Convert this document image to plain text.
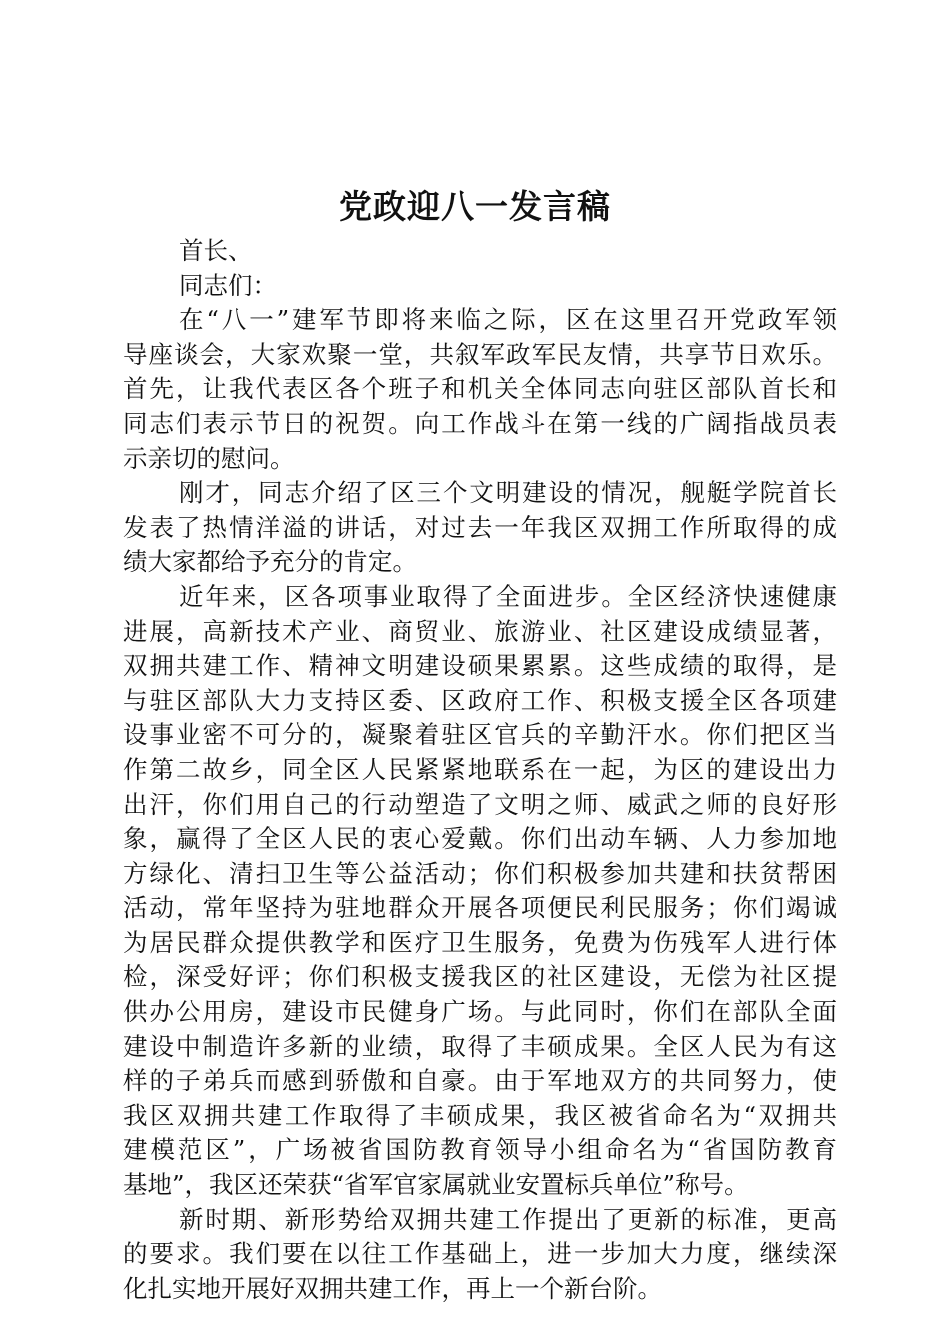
党政迎八一发言稿
首长、
同志们：
在“八一”建军节即将来临之际，区在这里召开党政军领
导座谈会，大家欢聚一堂，共叙军政军民友情，共享节日欢乐。
首先，让我代表区各个班子和机关全体同志向驻区部队首长和
同志们表示节日的祝贺。向工作战斗在第一线的广阔指战员表
示亲切的慰问。
刚才，同志介绍了区三个文明建设的情况，舰艇学院首长
发表了热情洋溢的讲话，对过去一年我区双拥工作所取得的成
绩大家都给予充分的肯定。
近年来，区各项事业取得了全面进步。全区经济快速健康
进展，高新技术产业、商贸业、旅游业、社区建设成绩显著，
双拥共建工作、精神文明建设硕果累累。这些成绩的取得，是
与驻区部队大力支持区委、区政府工作、积极支援全区各项建
设事业密不可分的，凝聚着驻区官兵的辛勤汗水。你们把区当
作第二故乡，同全区人民紧紧地联系在一起，为区的建设出力
出汗，你们用自己的行动塑造了文明之师、威武之师的良好形
象，赢得了全区人民的衷心爱戴。你们出动车辆、人力参加地
方绿化、清扫卫生等公益活动；你们积极参加共建和扶贫帮困
活动，常年坚持为驻地群众开展各项便民利民服务；你们竭诚
为居民群众提供教学和医疗卫生服务，免费为伤残军人进行体
检，深受好评；你们积极支援我区的社区建设，无偿为社区提
供办公用房，建设市民健身广场。与此同时，你们在部队全面
建设中制造许多新的业绩，取得了丰硕成果。全区人民为有这
样的子弟兵而感到骄傲和自豪。由于军地双方的共同努力，使
我区双拥共建工作取得了丰硕成果，我区被省命名为“双拥共
建模范区”，广场被省国防教育领导小组命名为“省国防教育
基地”，我区还荣获“省军官家属就业安置标兵单位”称号。
新时期、新形势给双拥共建工作提出了更新的标准，更高
的要求。我们要在以往工作基础上，进一步加大力度，继续深
化扎实地开展好双拥共建工作，再上一个新台阶。
